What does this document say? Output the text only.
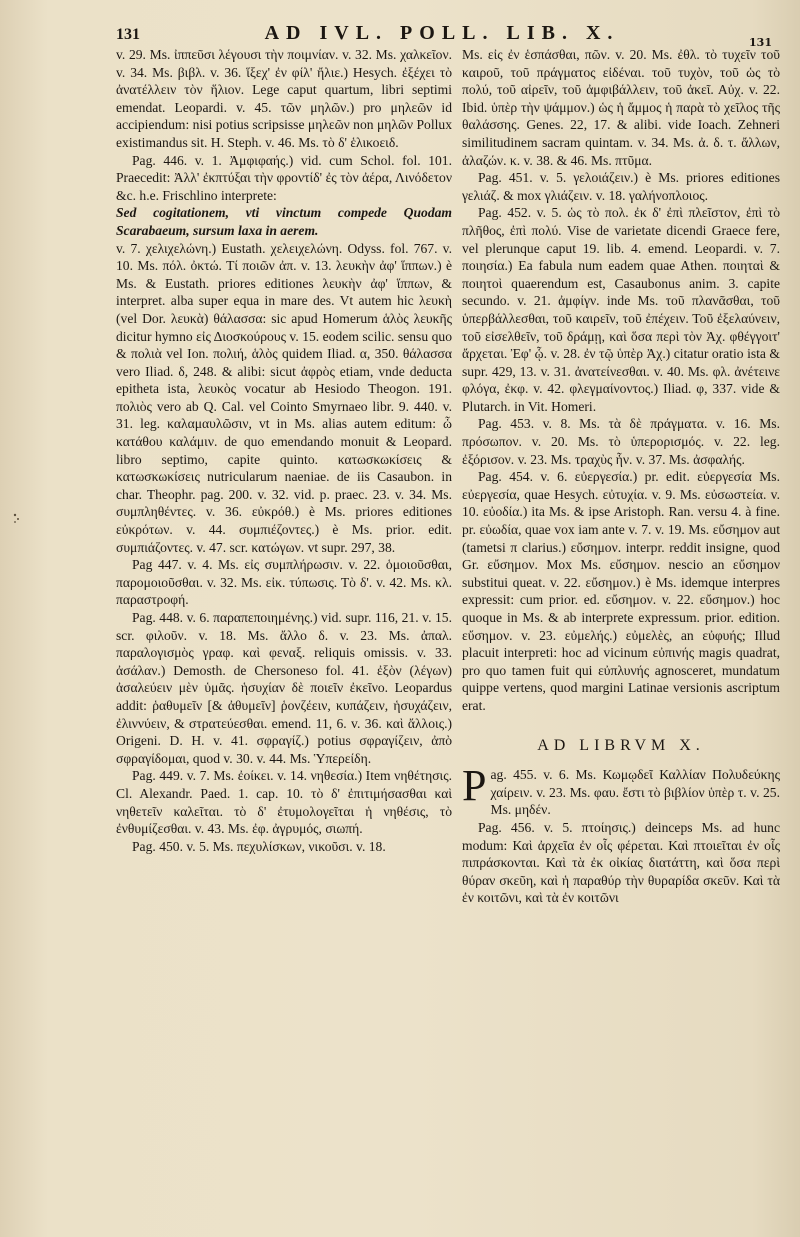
131	AD IVL. POLL. LIB. X.	131

v. 29. Ms. ἰππεῦσι λέγουσι τὴν ποιμνίαν. v. 32. Ms. χαλκεῖον. v. 34. Ms. βιβλ. v. 36. ἵξεχ' ἐν φίλ' ἤλιε.) Hesych. ἐξέχει τὸ ἀνατέλλειν τὸν ἥλιον. Lege caput quartum, libri septimi emendat. Leopardi. v. 45. τῶν μηλῶν.) pro μηλεῶν id accipiendum: nisi potius scripsisse μηλεῶν non μηλῶν Pollux existimandus sit. H. Steph. v. 46. Ms. τὸ δ' ἑλικοειδ.

Pag. 446. v. 1. Ἀμφιφαής.) vid. cum Schol. fol. 101. Praecedit: Ἀλλ' ἐκπτύξαι τὴν φροντίδ' ἐς τὸν ἀέρα, Λινόδετον &c. h.e. Frischlino interprete:

Sed cogitationem, vti vinctum compede Quodam Scarabaeum, sursum laxa in aerem.

v. 7. χελιχελώνη.) Eustath. χελειχελώνη. Odyss. fol. 767. v. 10. Ms. πόλ. ὀκτώ. Τί ποιῶν ἀπ. v. 13. λευκὴν ἀφ' ἵππων.) è Ms. & Eustath. priores editiones λευκὴν ἀφ' ἵππων, & interpret. alba super equa in mare des. Vt autem hic λευκὴ (vel Dor. λευκὰ) θάλασσα: sic apud Homerum ἁλὸς λευκῆς dicitur hymno εἰς Διοσκούρους v. 15. eodem scilic. sensu quo & πολιὰ vel Ion. πολιή, ἁλὸς quidem Iliad. α, 350. θάλασσα vero Iliad. δ, 248. & alibi: sicut ἀφρὸς etiam, vnde deducta epitheta ista, λευκὸς vocatur ab Hesiodo Theogon. 191. πολιὸς vero ab Q. Cal. vel Cointo Smyrnaeo libr. 9. 440. v. 31. leg. καλαμαυλῶσιν, vt in Ms. alias autem editum: ὦ κατάθου καλάμιν. de quo emendando monuit & Leopard. libro septimo, capite quinto. κατωσκωκίσεις & κατωσκωκίσεις nutricularum naeniae. de iis Casaubon. in char. Theophr. pag. 200. v. 32. vid. p. praec. 23. v. 34. Ms. συμπληθέντες. v. 36. εὐκρόθ.) è Ms. priores editiones εὐκρότων. v. 44. συμπιέζοντες.) è Ms. prior. edit. συμπιάζοντες. v. 47. scr. κατώγων. vt supr. 297, 38.

Pag 447. v. 4. Ms. εἰς συμπλήρωσιν. v. 22. ὁμοιοῦσθαι, παρομοιοῦσθαι. v. 32. Ms. εἰκ. τύπωσις. Τὸ δ'. v. 42. Ms. κλ. παραστροφή.

Pag. 448. v. 6. παραπεποιημένης.) vid. supr. 116, 21. v. 15. scr. φιλοῦν. v. 18. Ms. ἄλλο δ. v. 23. Ms. ἀπαλ. παραλογισμὸς γραφ. καὶ φεναξ. reliquis omissis. v. 33. ἀσάλαν.) Demosth. de Chersoneso fol. 41. ἐξὸν (λέγων) ἀσαλεύειν μὲν ὑμᾶς. ἡσυχίαν δὲ ποιεῖν ἐκεῖνο. Leopardus addit: ῥαθυμεῖν [& ἀθυμεῖν] ῥονζέειν, κυπάζειν, ἡσυχάζειν, ἐλιννύειν, & στρατεύεσθαι. emend. 11, 6. v. 36. καὶ ἄλλοις.) Origeni. D. H. v. 41. σφραγίζ.) potius σφραγίζειν, ἀπὸ σφραγίδομαι, quod v. 30. v. 44. Ms. Ὑπερείδη.

Pag. 449. v. 7. Ms. ἐοίκει. v. 14. νηθεσία.) Item νηθέτησις. Cl. Alexandr. Paed. 1. cap. 10. τὸ δ' ἐπιτιμήσασθαι καὶ νηθετεῖν καλεῖται. τὸ δ' ἐτυμολογεῖται ἡ νηθέσις, τὸ ἐνθυμίζεσθαι. v. 43. Ms. ἐφ. ἀγρυμός, σιωπή.

Pag. 450. v. 5. Ms. πεχυλίσκων, νικοῦσι. v. 18.

Ms. εἰς ἐν ἑσπάσθαι, πῶν. v. 20. Ms. ἐθλ. τὸ τυχεῖν τοῦ καιροῦ, τοῦ πράγματος εἰδέναι. τοῦ τυχὸν, τοῦ ὡς τὸ πολύ, τοῦ αἰρεῖν, τοῦ ἀμφιβάλλειν, τοῦ ἀκεῖ. Αὐχ. v. 22. Ibid. ὑπὲρ τὴν ψάμμον.) ὡς ἡ ἄμμος ἡ παρὰ τὸ χεῖλος τῆς θαλάσσης. Genes. 22, 17. & alibi. vide Ioach. Zehneri similitudinem sacram quintam. v. 34. Ms. ἀ. δ. τ. ἄλλων, ἀλαζών. κ. v. 38. & 46. Ms. πτῦμα.

Pag. 451. v. 5. γελοιάζειν.) è Ms. priores editiones γελιάζ. & mox γλιάζειν. v. 18. γαλήνοπλοιος.

Pag. 452. v. 5. ὡς τὸ πολ. ἐκ δ' ἐπὶ πλεῖστον, ἐπὶ τὸ πλῆθος, ἐπὶ πολύ. Vise de varietate dicendi Graece fere, vel plerunque caput 19. lib. 4. emend. Leopardi. v. 7. ποιησία.) Ea fabula num eadem quae Athen. ποιηταὶ & ποιητοὶ quaerendum est, Casaubonus anim. 3. capite secundo. v. 21. ἀμφίγν. inde Ms. τοῦ πλανᾶσθαι, τοῦ ὑπερβάλλεσθαι, τοῦ καιρεῖν, τοῦ ἐπέχειν. Τοῦ ἐξελαύνειν, τοῦ εἰσελθεῖν, τοῦ δράμῃ, καὶ ὅσα περὶ τὸν Ἀχ. φθέγγοιτ' ἄρχεται. Ἐφ' ᾧ. v. 28. ἐν τῷ ὑπὲρ Ἀχ.) citatur oratio ista & supr. 429, 13. v. 31. ἀνατείνεσθαι. v. 40. Ms. φλ. ἀνέτεινε φλόγα, ἐκφ. v. 42. φλεγμαίνοντος.) Iliad. φ, 337. vide & Plutarch. in Vit. Homeri.

Pag. 453. v. 8. Ms. τὰ δὲ πράγματα. v. 16. Ms. πρόσωπον. v. 20. Ms. τὸ ὑπερορισμός. v. 22. leg. ἐξόρισον. v. 23. Ms. τραχὺς ἦν. v. 37. Ms. ἀσφαλής.

Pag. 454. v. 6. εὐεργεσία.) pr. edit. εὐεργεσία Ms. εὐεργεσία, quae Hesych. εὐτυχία. v. 9. Ms. εὐσωστεία. v. 10. εὐοδία.) ita Ms. & ipse Aristoph. Ran. versu 4. à fine. pr. εὐωδία, quae vox iam ante v. 7. v. 19. Ms. εὔσημον aut (tametsi π clarius.) εὔσημον. interpr. reddit insigne, quod Gr. εὔσημον. Mox Ms. εὔσημον. nescio an εὔσημον substitui queat. v. 22. εὔσημον.) è Ms. idemque interpres expressit: cum prior. ed. εὔσημον. v. 22. εὔσημον.) hoc quoque in Ms. & ab interprete expressum. prior. edition. εὔσημον. v. 23. εὐμελής.) εὐμελὲς, an εὐφυής; Illud placuit interpreti: hoc ad vicinum εὐπινής magis quadrat, pro quo tamen fuit qui εὐπλυνής agnosceret, mundatum quippe vertens, quod margini Latinae versionis ascriptum erat.

AD LIBRVM X.

Pag. 455. v. 6. Ms. Κωμῳδεῖ Καλλίαν Πολυδεύκης χαίρειν. v. 23. Ms. φαυ. ἔστι τὸ βιβλίον ὑπὲρ τ. v. 25. Ms. μηδέν.

Pag. 456. v. 5. πτοίησις.) deinceps Ms. ad hunc modum: Καὶ ἀρχεῖα ἐν οἷς φέρεται. Καὶ πτοιεῖται ἐν οἷς πιπράσκονται. Καὶ τὰ ἐκ οἰκίας διατάττη, καὶ ὅσα περὶ θύραν σκεῦη, καὶ ἡ παραθύρ τὴν θυραρίδα σκεῦν. Καὶ τὰ ἐν κοιτῶνι, καὶ τὰ ἐν κοιτῶνι
